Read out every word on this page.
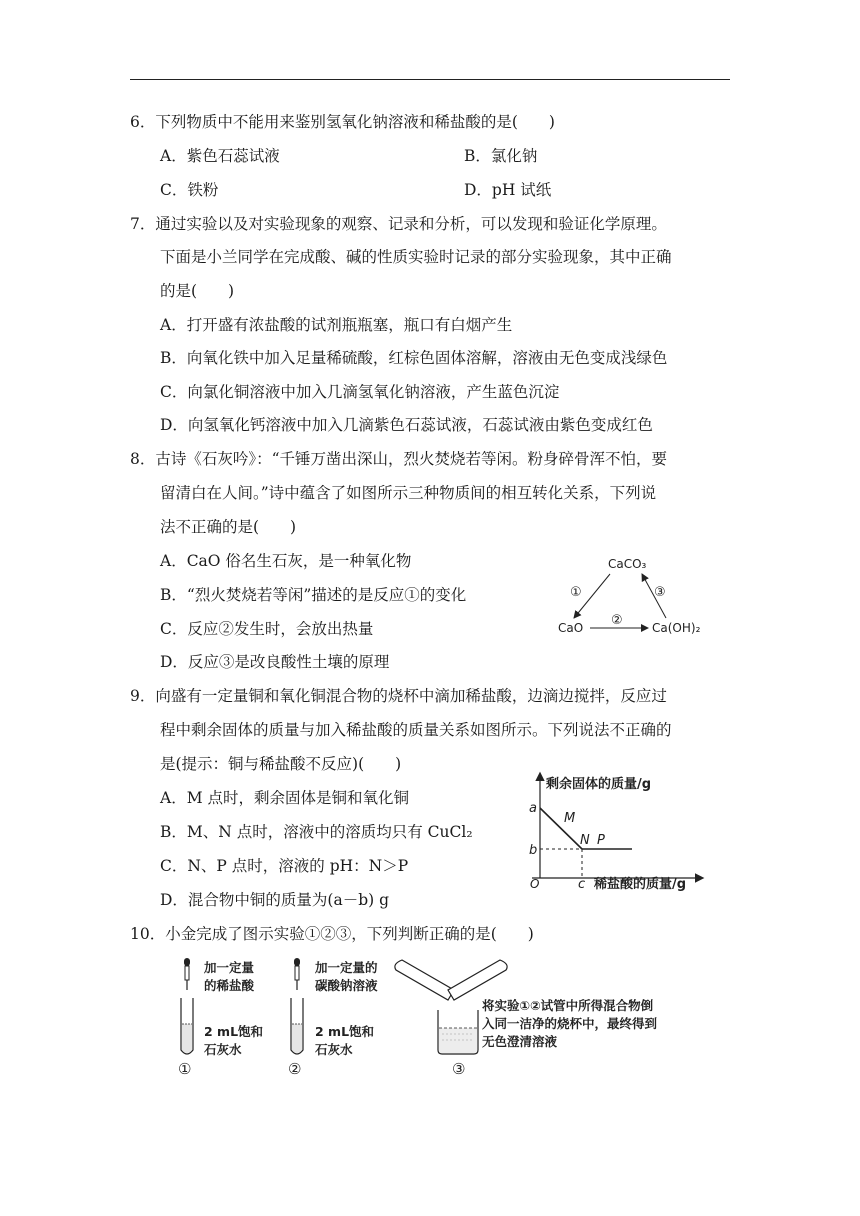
6．下列物质中不能用来鉴别氢氧化钠溶液和稀盐酸的是(　　)
A．紫色石蕊试液	B．氯化钠
C．铁粉	D．pH 试纸
7．通过实验以及对实验现象的观察、记录和分析，可以发现和验证化学原理。
下面是小兰同学在完成酸、碱的性质实验时记录的部分实验现象，其中正确
的是(　　)
A．打开盛有浓盐酸的试剂瓶瓶塞，瓶口有白烟产生
B．向氧化铁中加入足量稀硫酸，红棕色固体溶解，溶液由无色变成浅绿色
C．向氯化铜溶液中加入几滴氢氧化钠溶液，产生蓝色沉淀
D．向氢氧化钙溶液中加入几滴紫色石蕊试液，石蕊试液由紫色变成红色
8．古诗《石灰吟》：“千锤万凿出深山，烈火焚烧若等闲。粉身碎骨浑不怕，要
留清白在人间。”诗中蕴含了如图所示三种物质间的相互转化关系，下列说
法不正确的是(　　)
A．CaO 俗名生石灰，是一种氧化物
B．“烈火焚烧若等闲”描述的是反应①的变化
C．反应②发生时，会放出热量
D．反应③是改良酸性土壤的原理
CaCO₃
CaO	Ca(OH)₂
①
②
③
9．向盛有一定量铜和氧化铜混合物的烧杯中滴加稀盐酸，边滴边搅拌，反应过
程中剩余固体的质量与加入稀盐酸的质量关系如图所示。下列说法不正确的
是(提示：铜与稀盐酸不反应)(　　)
A．M 点时，剩余固体是铜和氧化铜
B．M、N 点时，溶液中的溶质均只有 CuCl₂
C．N、P 点时，溶液的 pH：N＞P
D．混合物中铜的质量为(a－b) g
剩余固体的质量/g
稀盐酸的质量/g
O
a
b
c
M
N P
10．小金完成了图示实验①②③，下列判断正确的是(　　)
加一定量
的稀盐酸
2 mL饱和
石灰水
①
加一定量的
碳酸钠溶液
2 mL饱和
石灰水
②
将实验①②试管中所得混合物倒
入同一洁净的烧杯中，最终得到
无色澄清溶液
③
